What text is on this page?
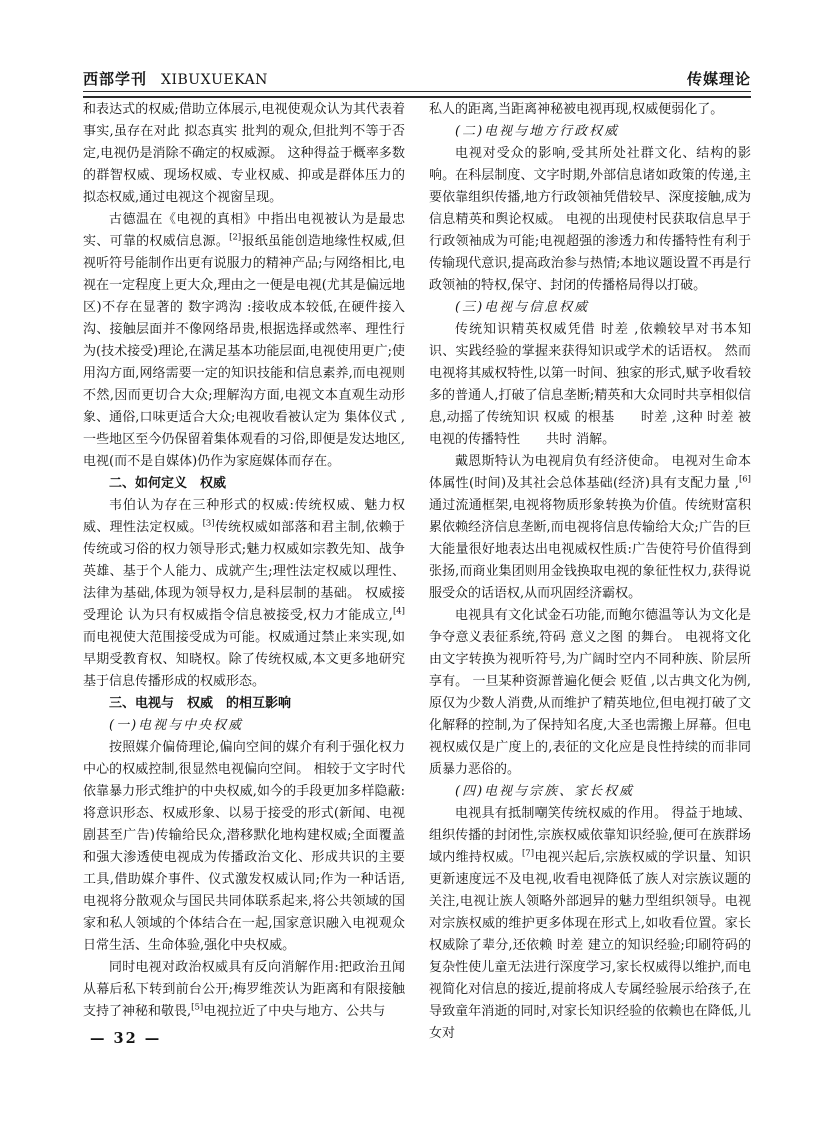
西部学刊 XIBUXUEKAN	传媒理论

和表达式的权威;借助立体展示,电视使观众认为其代表着事实,虽存在对此 拟态真实 批判的观众,但批判不等于否定,电视仍是消除不确定的权威源。 这种得益于概率多数的群智权威、现场权威、专业权威、抑或是群体压力的拟态权威,通过电视这个视窗呈现。

古德温在《电视的真相》中指出电视被认为是最忠实、可靠的权威信息源。[2]报纸虽能创造地缘性权威,但视听符号能制作出更有说服力的精神产品;与网络相比,电视在一定程度上更大众,理由之一便是电视(尤其是偏远地区)不存在显著的 数字鸿沟 :接收成本较低,在硬件接入沟、接触层面并不像网络昂贵,根据选择或然率、理性行为(技术接受)理论,在满足基本功能层面,电视使用更广;使用沟方面,网络需要一定的知识技能和信息素养,而电视则不然,因而更切合大众;理解沟方面,电视文本直观生动形象、通俗,口味更适合大众;电视收看被认定为 集体仪式 ,一些地区至今仍保留着集体观看的习俗,即便是发达地区,电视(而不是自媒体)仍作为家庭媒体而存在。

二、如何定义　权威

韦伯认为存在三种形式的权威:传统权威、魅力权威、理性法定权威。[3]传统权威如部落和君主制,依赖于传统或习俗的权力领导形式;魅力权威如宗教先知、战争英雄、基于个人能力、成就产生;理性法定权威以理性、法律为基础,体现为领导权力,是科层制的基础。 权威接受理论 认为只有权威指令信息被接受,权力才能成立,[4]而电视使大范围接受成为可能。权威通过禁止来实现,如早期受教育权、知晓权。除了传统权威,本文更多地研究基于信息传播形成的权威形态。

三、电视与　权威　的相互影响

(一)电视与中央权威

按照媒介偏倚理论,偏向空间的媒介有利于强化权力中心的权威控制,很显然电视偏向空间。 相较于文字时代依靠暴力形式维护的中央权威,如今的手段更加多样隐蔽:将意识形态、权威形象、以易于接受的形式(新闻、电视剧甚至广告)传输给民众,潜移默化地构建权威;全面覆盖和强大渗透使电视成为传播政治文化、形成共识的主要工具,借助媒介事件、仪式激发权威认同;作为一种话语,电视将分散观众与国民共同体联系起来,将公共领域的国家和私人领域的个体结合在一起,国家意识融入电视观众日常生活、生命体验,强化中央权威。

同时电视对政治权威具有反向消解作用:把政治丑闻从幕后私下转到前台公开;梅罗维茨认为距离和有限接触支持了神秘和敬畏,[5]电视拉近了中央与地方、公共与

私人的距离,当距离神秘被电视再现,权威便弱化了。

(二)电视与地方行政权威

电视对受众的影响,受其所处社群文化、结构的影响。在科层制度、文字时期,外部信息诸如政策的传递,主要依靠组织传播,地方行政领袖凭借较早、深度接触,成为信息精英和舆论权威。 电视的出现使村民获取信息早于行政领袖成为可能;电视超强的渗透力和传播特性有利于传输现代意识,提高政治参与热情;本地议题设置不再是行政领袖的特权,保守、封闭的传播格局得以打破。

(三)电视与信息权威

传统知识精英权威凭借 时差 ,依赖较早对书本知识、实践经验的掌握来获得知识或学术的话语权。 然而电视将其威权特性,以第一时间、独家的形式,赋予收看较多的普通人,打破了信息垄断;精英和大众同时共享相似信息,动摇了传统知识 权威 的根基　　时差 ,这种 时差 被电视的传播特性　　共时 消解。

戴恩斯特认为电视肩负有经济使命。 电视对生命本体属性(时间)及其社会总体基础(经济)具有支配力量 ,[6]通过流通框架,电视将物质形象转换为价值。传统财富积累依赖经济信息垄断,而电视将信息传输给大众;广告的巨大能量很好地表达出电视威权性质:广告使符号价值得到张扬,而商业集团则用金钱换取电视的象征性权力,获得说服受众的话语权,从而巩固经济霸权。

电视具有文化试金石功能,而鲍尔德温等认为文化是争夺意义表征系统,符码 意义之图 的舞台。 电视将文化由文字转换为视听符号,为广阔时空内不同种族、阶层所享有。 一旦某种资源普遍化便会 贬值 ,以古典文化为例,原仅为少数人消费,从而维护了精英地位,但电视打破了文化解释的控制,为了保持知名度,大圣也需搬上屏幕。但电视权威仅是广度上的,表征的文化应是良性持续的而非同质暴力恶俗的。

(四)电视与宗族、家长权威

电视具有抵制嘲笑传统权威的作用。 得益于地域、组织传播的封闭性,宗族权威依靠知识经验,便可在族群场域内维持权威。[7]电视兴起后,宗族权威的学识量、知识更新速度远不及电视,收看电视降低了族人对宗族议题的关注,电视让族人领略外部迥异的魅力型组织领导。电视对宗族权威的维护更多体现在形式上,如收看位置。家长权威除了辈分,还依赖 时差 建立的知识经验;印刷符码的复杂性使儿童无法进行深度学习,家长权威得以维护,而电视简化对信息的接近,提前将成人专属经验展示给孩子,在导致童年消逝的同时,对家长知识经验的依赖也在降低,儿女对

— 32 —
